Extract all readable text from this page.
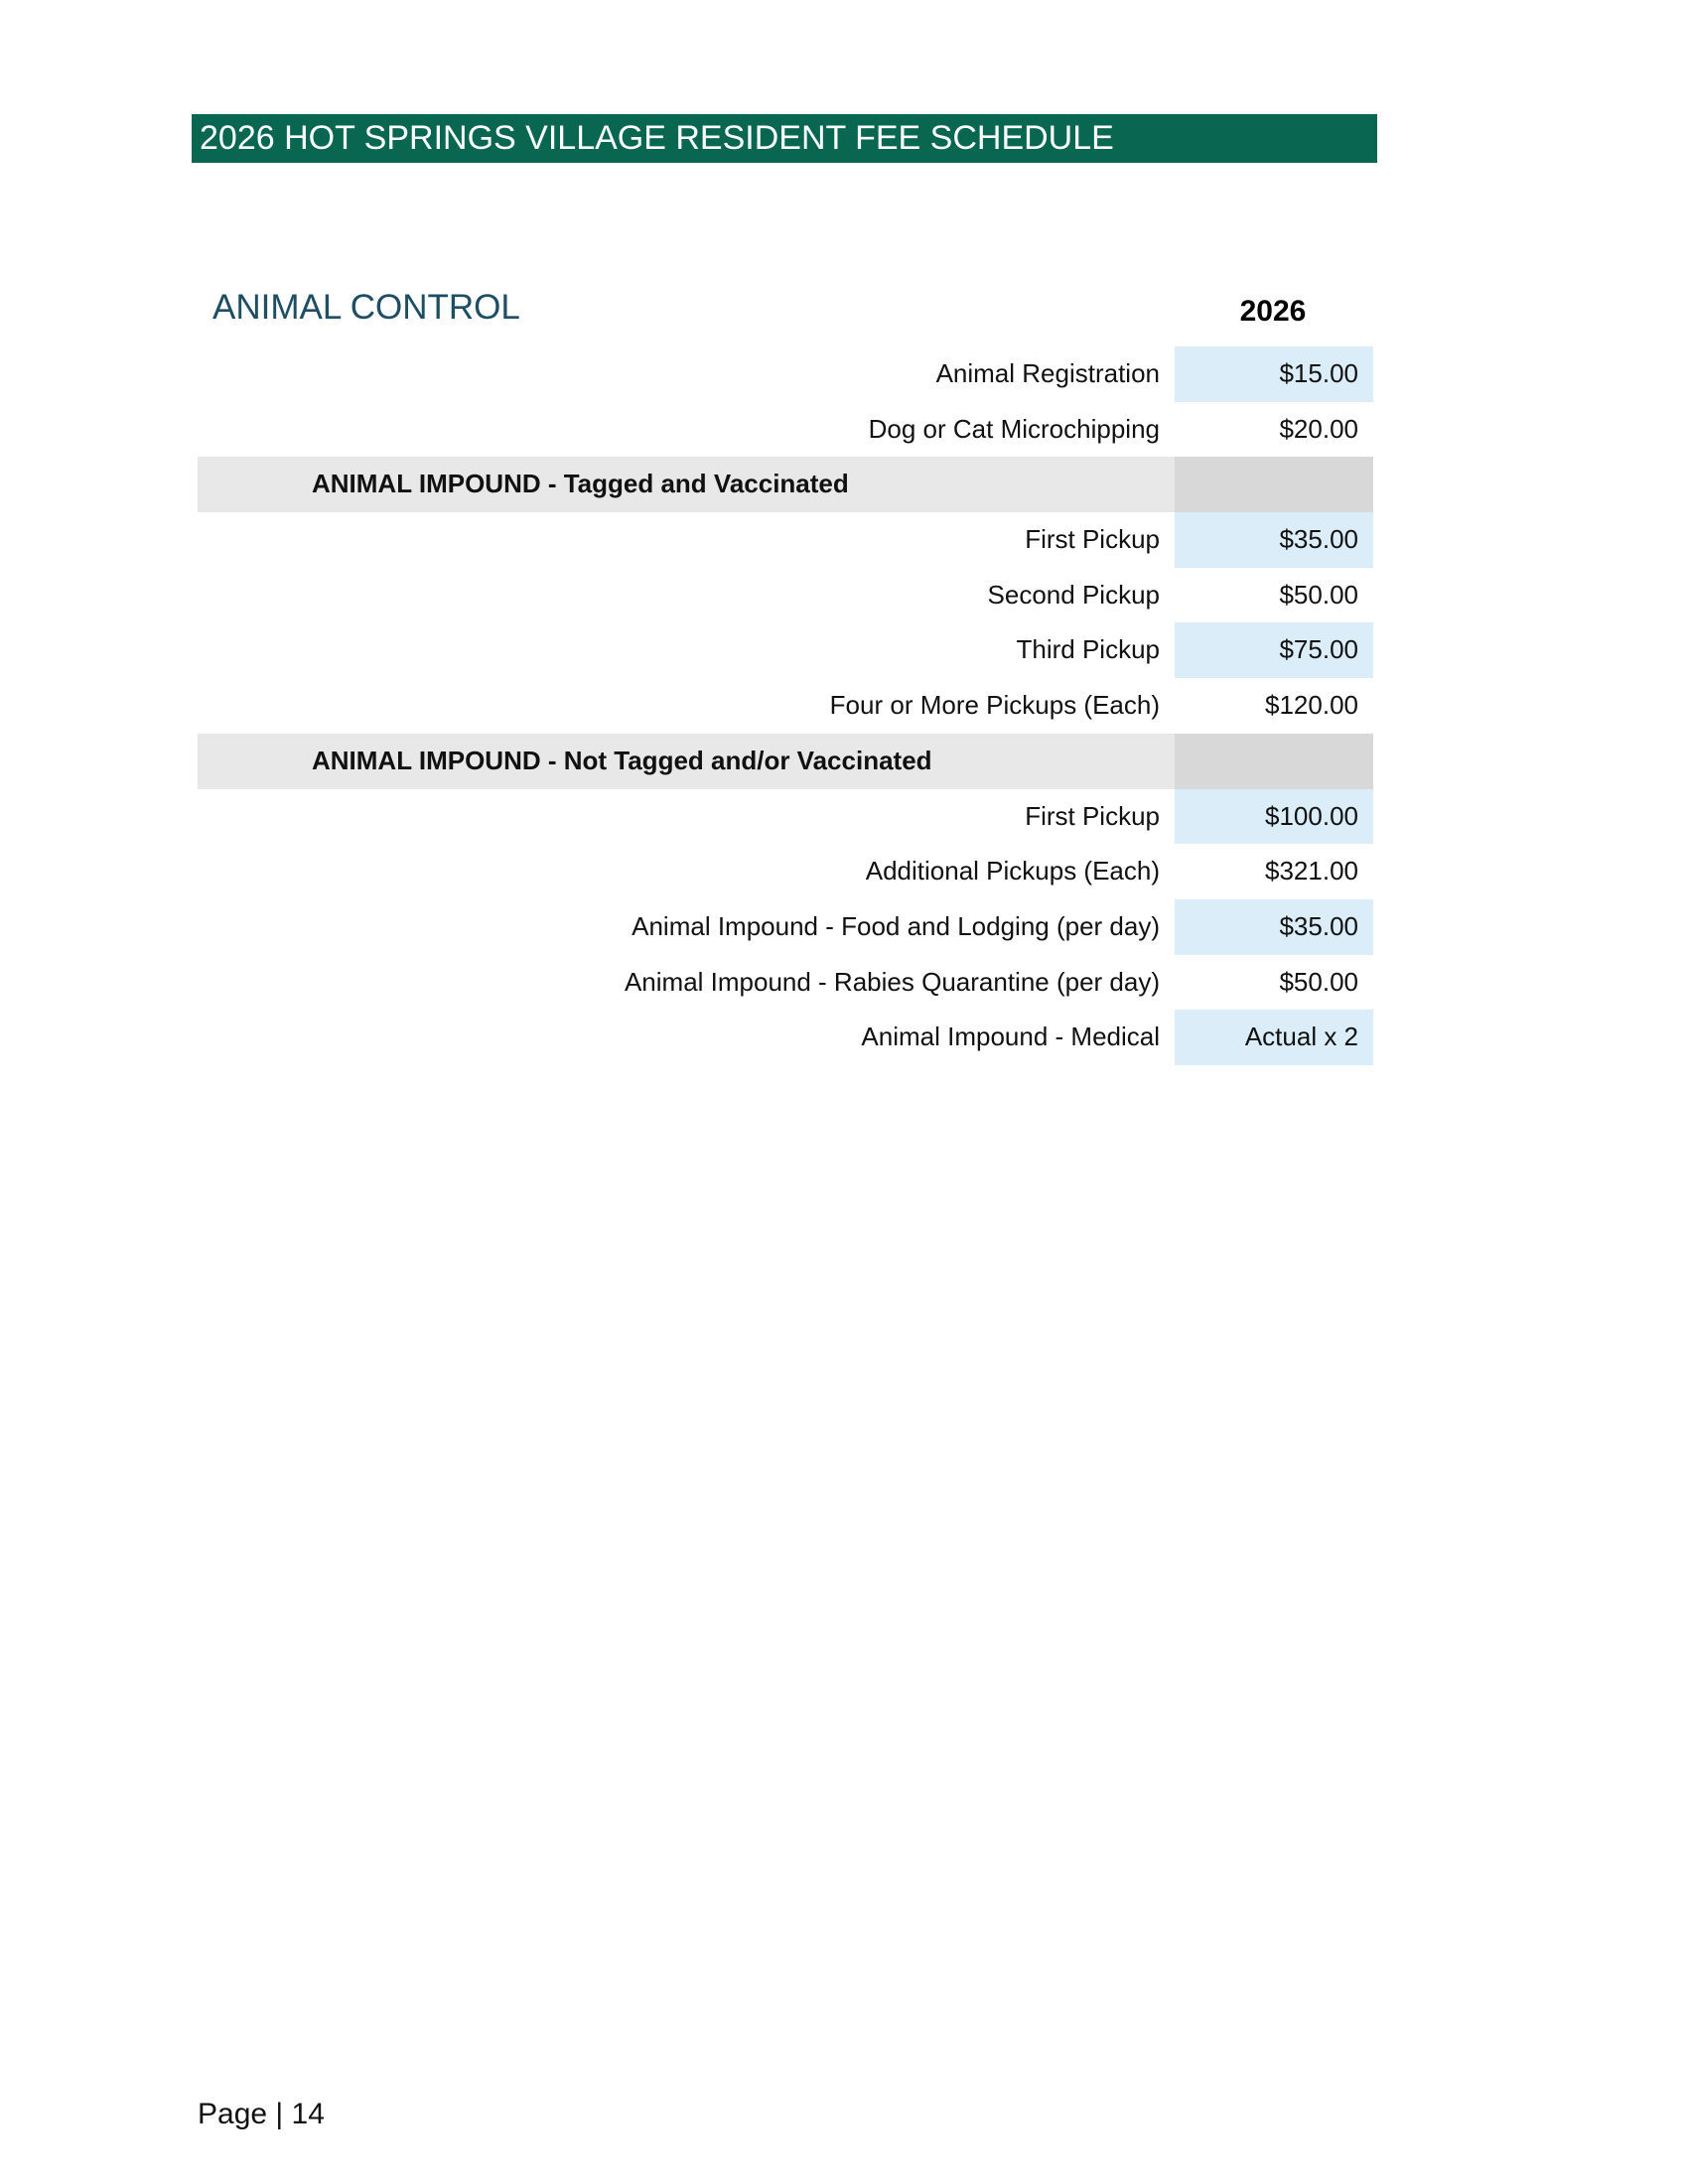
2026 HOT SPRINGS VILLAGE RESIDENT FEE SCHEDULE
ANIMAL CONTROL	2026
Animal Registration	$15.00
Dog or Cat Microchipping	$20.00
ANIMAL IMPOUND - Tagged and Vaccinated
First Pickup	$35.00
Second Pickup	$50.00
Third Pickup	$75.00
Four or More Pickups (Each)	$120.00
ANIMAL IMPOUND - Not Tagged and/or Vaccinated
First Pickup	$100.00
Additional Pickups (Each)	$321.00
Animal Impound - Food and Lodging (per day)	$35.00
Animal Impound - Rabies Quarantine (per day)	$50.00
Animal Impound - Medical	Actual x 2
Page | 14
